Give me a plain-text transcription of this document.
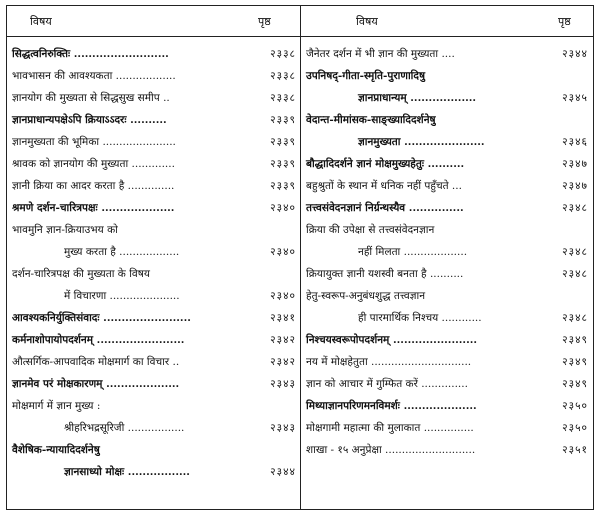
विषय	पृष्ठ	विषय	पृष्ठ
सिद्धत्वनिरुक्तिः ..........................	२३३८
भावभासन की आवश्यकता ..................	२३३८
ज्ञानयोग की मुख्यता से सिद्धसुख समीप ..	२३३८
ज्ञानप्राधान्यपक्षेऽपि क्रियाऽऽदरः ..........	२३३९
ज्ञानमुख्यता की भूमिका ......................	२३३९
श्रावक को ज्ञानयोग की मुख्यता .............	२३३९
ज्ञानी क्रिया का आदर करता है ..............	२३३९
श्रमणे दर्शन-चारित्रपक्षः ....................	२३४०
भावमुनि ज्ञान-क्रियाउभय को
मुख्य करता है ..................	२३४०
दर्शन-चारित्रपक्ष की मुख्यता के विषय
में विचारणा .....................	२३४०
आवश्यकनिर्युक्तिसंवादः ........................	२३४१
कर्मनाशोपायोपदर्शनम् ........................	२३४२
औत्सर्गिक-आपवादिक मोक्षमार्ग का विचार ..	२३४२
ज्ञानमेव परं मोक्षकारणम् ....................	२३४३
मोक्षमार्ग में ज्ञान मुख्य :
श्रीहरिभद्रसूरिजी .................	२३४३
वैशेषिक-न्यायादिदर्शनेषु
ज्ञानसाध्यो मोक्षः .................	२३४४
जैनेतर दर्शन में भी ज्ञान की मुख्यता ....	२३४४
उपनिषद्-गीता-स्मृति-पुराणादिषु
ज्ञानप्राधान्यम् ..................	२३४५
वेदान्त-मीमांसक-साङ्ख्यादिदर्शनेषु
ज्ञानमुख्यता ......................	२३४६
बौद्धादिदर्शने ज्ञानं मोक्षमुख्यहेतुः ..........	२३४७
बहुश्रुतों के स्थान में धनिक नहीं पहुँचते ...	२३४७
तत्त्वसंवेदनज्ञानं निर्ग्रन्थस्यैव ...............	२३४८
क्रिया की उपेक्षा से तत्त्वसंवेदनज्ञान
नहीं मिलता ...................	२३४८
क्रियायुक्त ज्ञानी यशस्वी बनता है ..........	२३४८
हेतु-स्वरूप-अनुबंधशुद्ध तत्त्वज्ञान
ही पारमार्थिक निश्चय ............	२३४८
निश्चयस्वरूपोपदर्शनम् .......................	२३४९
नय में मोक्षहेतुता ..............................	२३४९
ज्ञान को आचार में गुम्फित करें ..............	२३४९
मिथ्याज्ञानपरिणमनविमर्शः ....................	२३५०
मोक्षगामी महात्मा की मुलाकात ...............	२३५०
शाखा - १५ अनुप्रेक्षा ...........................	२३५१
